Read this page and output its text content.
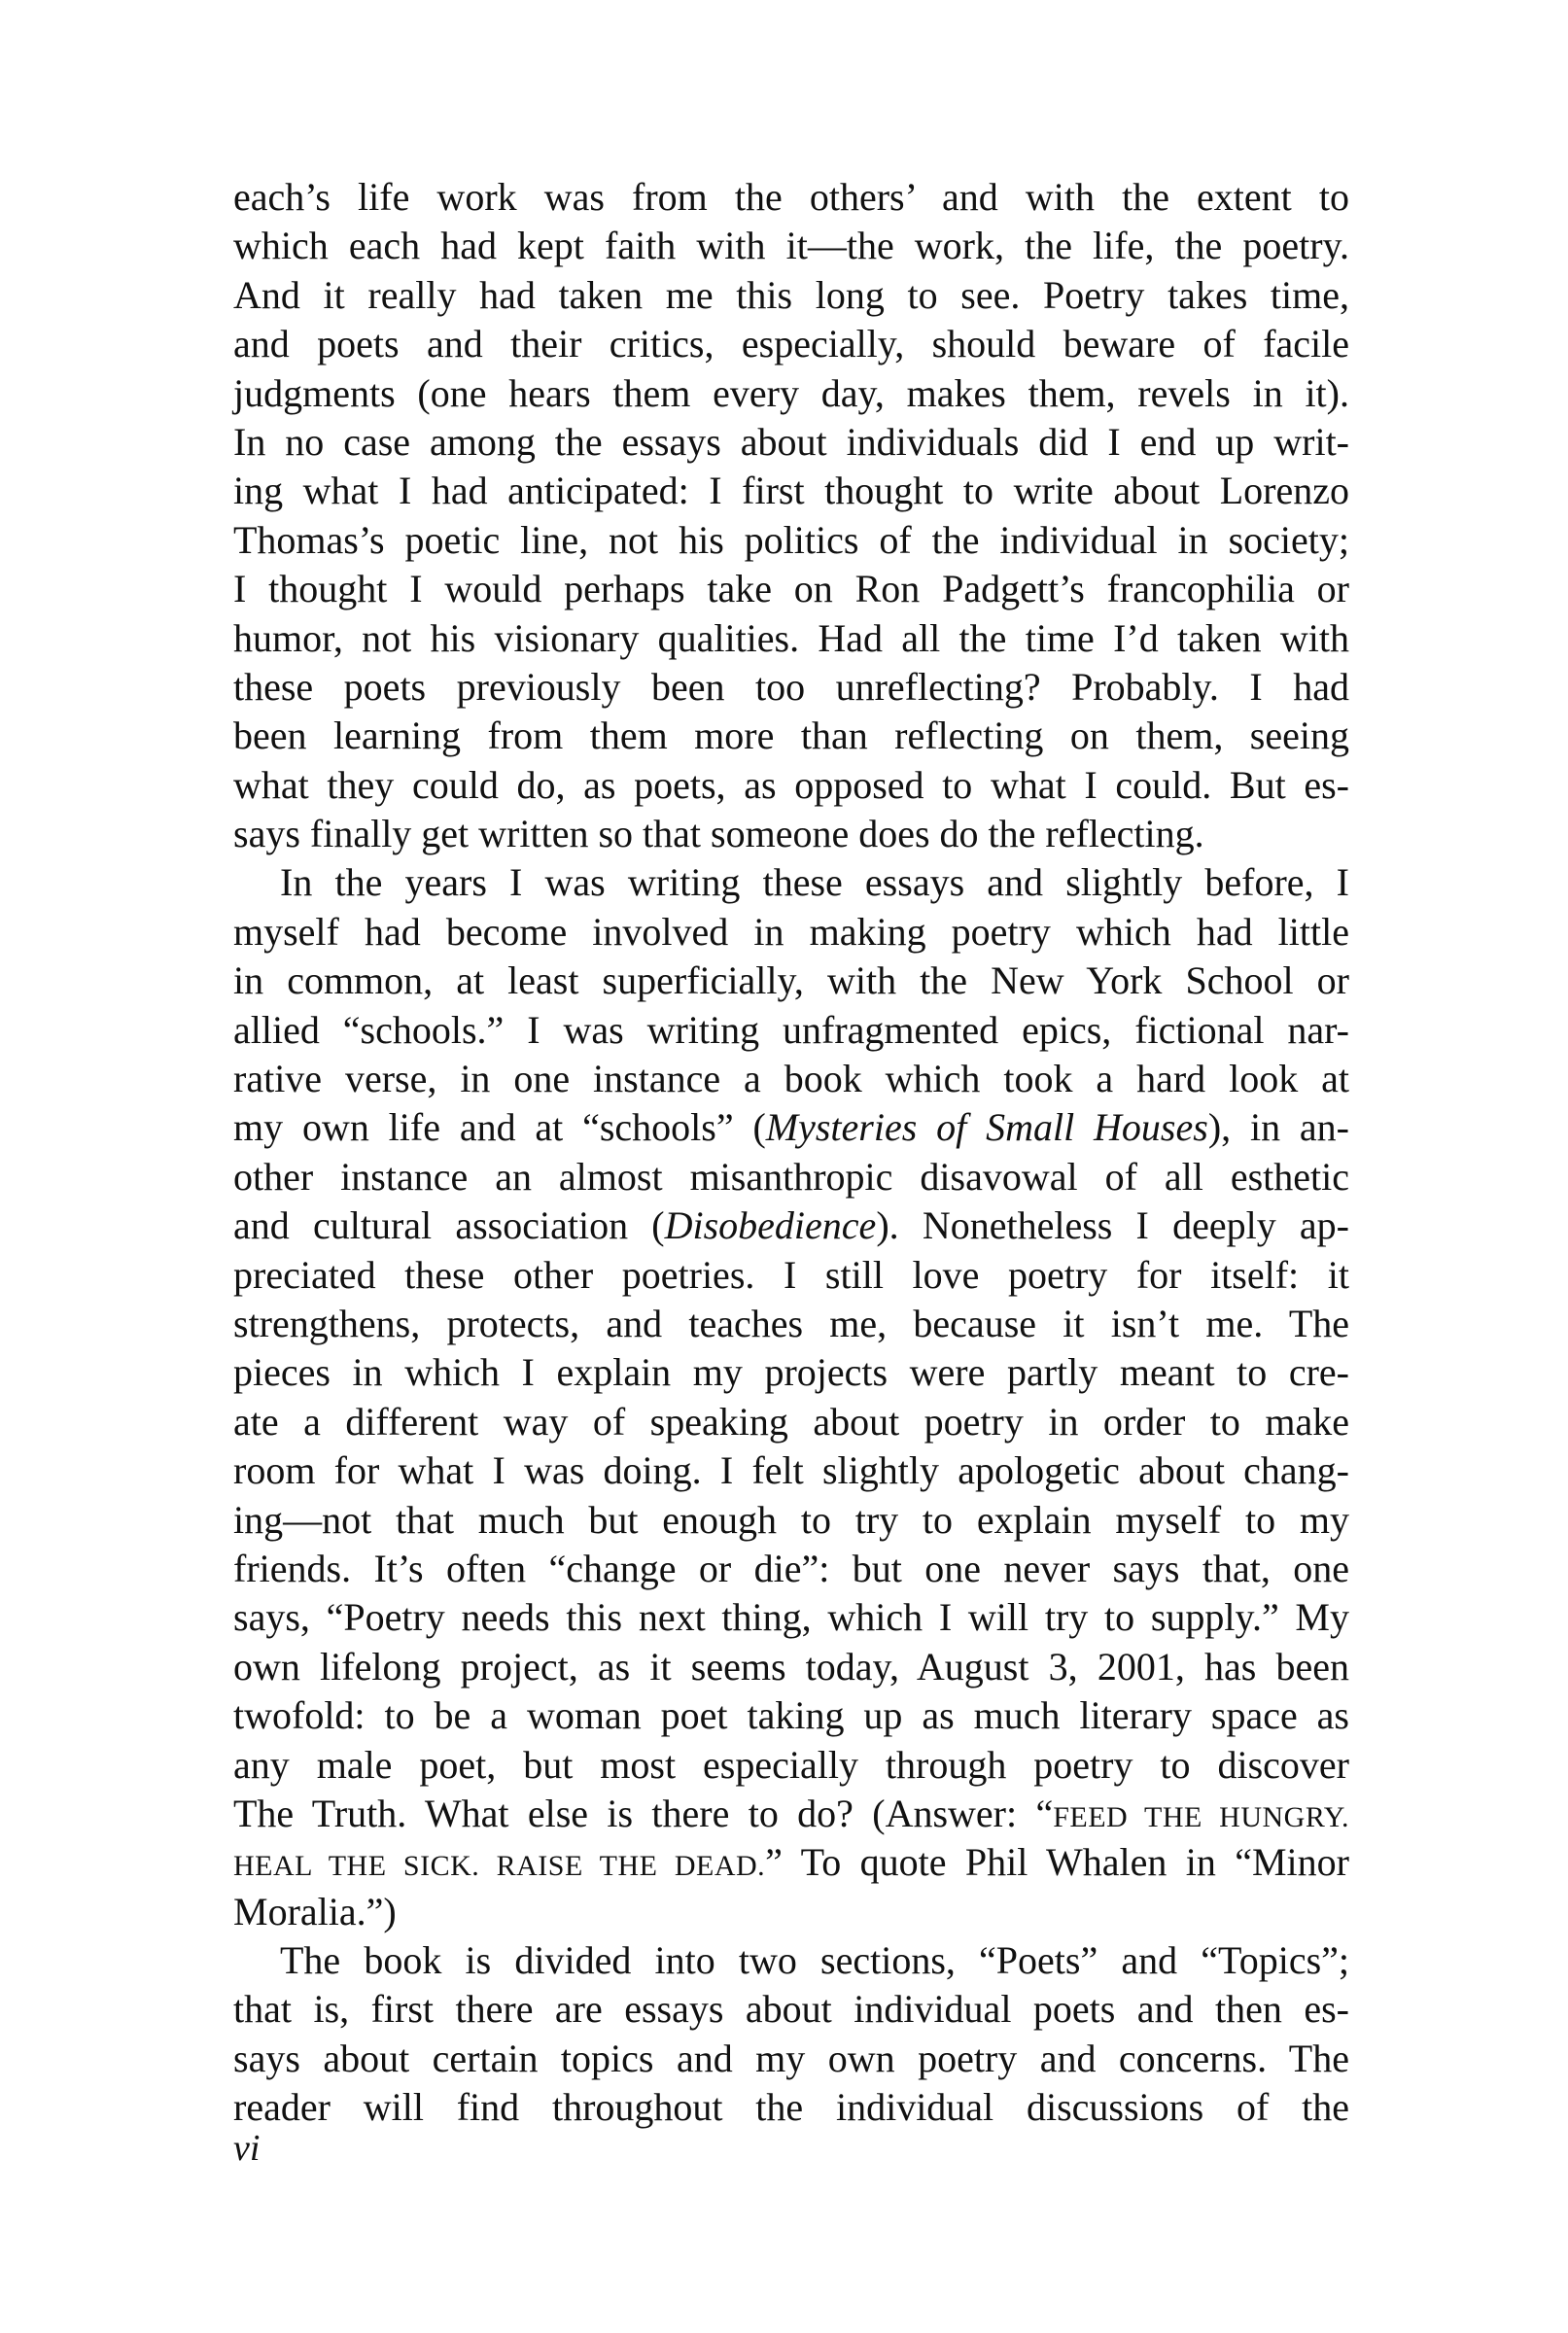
each’s life work was from the others’ and with the extent to
which each had kept faith with it—the work, the life, the poetry.
And it really had taken me this long to see. Poetry takes time,
and poets and their critics, especially, should beware of facile
judgments (one hears them every day, makes them, revels in it).
In no case among the essays about individuals did I end up writ-
ing what I had anticipated: I first thought to write about Lorenzo
Thomas’s poetic line, not his politics of the individual in society;
I thought I would perhaps take on Ron Padgett’s francophilia or
humor, not his visionary qualities. Had all the time I’d taken with
these poets previously been too unreflecting? Probably. I had
been learning from them more than reflecting on them, seeing
what they could do, as poets, as opposed to what I could. But es-
says finally get written so that someone does do the reflecting.
In the years I was writing these essays and slightly before, I
myself had become involved in making poetry which had little
in common, at least superficially, with the New York School or
allied “schools.” I was writing unfragmented epics, fictional nar-
rative verse, in one instance a book which took a hard look at
my own life and at “schools” (Mysteries of Small Houses), in an-
other instance an almost misanthropic disavowal of all esthetic
and cultural association (Disobedience). Nonetheless I deeply ap-
preciated these other poetries. I still love poetry for itself: it
strengthens, protects, and teaches me, because it isn’t me. The
pieces in which I explain my projects were partly meant to cre-
ate a different way of speaking about poetry in order to make
room for what I was doing. I felt slightly apologetic about chang-
ing—not that much but enough to try to explain myself to my
friends. It’s often “change or die”: but one never says that, one
says, “Poetry needs this next thing, which I will try to supply.” My
own lifelong project, as it seems today, August 3, 2001, has been
twofold: to be a woman poet taking up as much literary space as
any male poet, but most especially through poetry to discover
The Truth. What else is there to do? (Answer: “FEED THE HUNGRY.
HEAL THE SICK. RAISE THE DEAD.” To quote Phil Whalen in “Minor
Moralia.”)
The book is divided into two sections, “Poets” and “Topics”;
that is, first there are essays about individual poets and then es-
says about certain topics and my own poetry and concerns. The
reader will find throughout the individual discussions of the
vi
